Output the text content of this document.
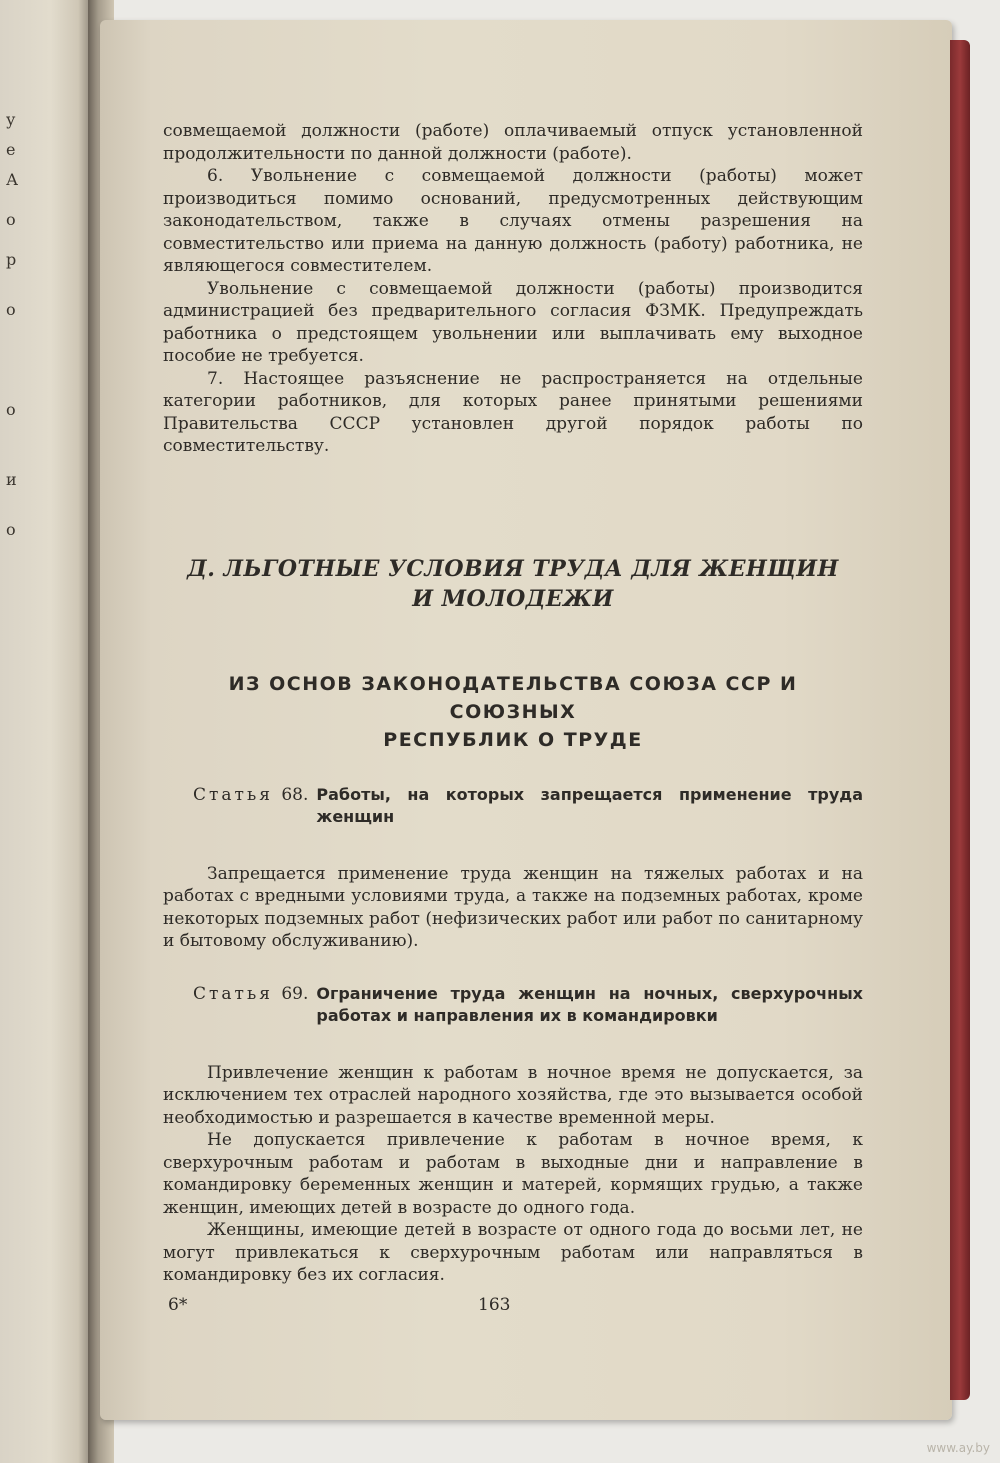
у
е
А
о
р
о
о
и
о

совмещаемой должности (работе) оплачиваемый отпуск установленной продолжительности по данной должности (работе).

6. Увольнение с совмещаемой должности (работы) может производиться помимо оснований, предусмотренных действующим законодательством, также в случаях отмены разрешения на совместительство или приема на данную должность (работу) работника, не являющегося совместителем.

Увольнение с совмещаемой должности (работы) производится администрацией без предварительного согласия ФЗМК. Предупреждать работника о предстоящем увольнении или выплачивать ему выходное пособие не требуется.

7. Настоящее разъяснение не распространяется на отдельные категории работников, для которых ранее принятыми решениями Правительства СССР установлен другой порядок работы по совместительству.

Д. ЛЬГОТНЫЕ УСЛОВИЯ ТРУДА ДЛЯ ЖЕНЩИН
И МОЛОДЕЖИ
ИЗ ОСНОВ ЗАКОНОДАТЕЛЬСТВА СОЮЗА ССР И СОЮЗНЫХ
РЕСПУБЛИК О ТРУДЕ
Статья 68. Работы, на которых запрещается применение труда женщин

Запрещается применение труда женщин на тяжелых работах и на работах с вредными условиями труда, а также на подземных работах, кроме некоторых подземных работ (нефизических работ или работ по санитарному и бытовому обслуживанию).

Статья 69. Ограничение труда женщин на ночных, сверхурочных работах и направления их в командировки

Привлечение женщин к работам в ночное время не допускается, за исключением тех отраслей народного хозяйства, где это вызывается особой необходимостью и разрешается в качестве временной меры.

Не допускается привлечение к работам в ночное время, к сверхурочным работам и работам в выходные дни и направление в командировку беременных женщин и матерей, кормящих грудью, а также женщин, имеющих детей в возрасте до одного года.

Женщины, имеющие детей в возрасте от одного года до восьми лет, не могут привлекаться к сверхурочным работам или направляться в командировку без их согласия.

6*	163
www.ay.by
